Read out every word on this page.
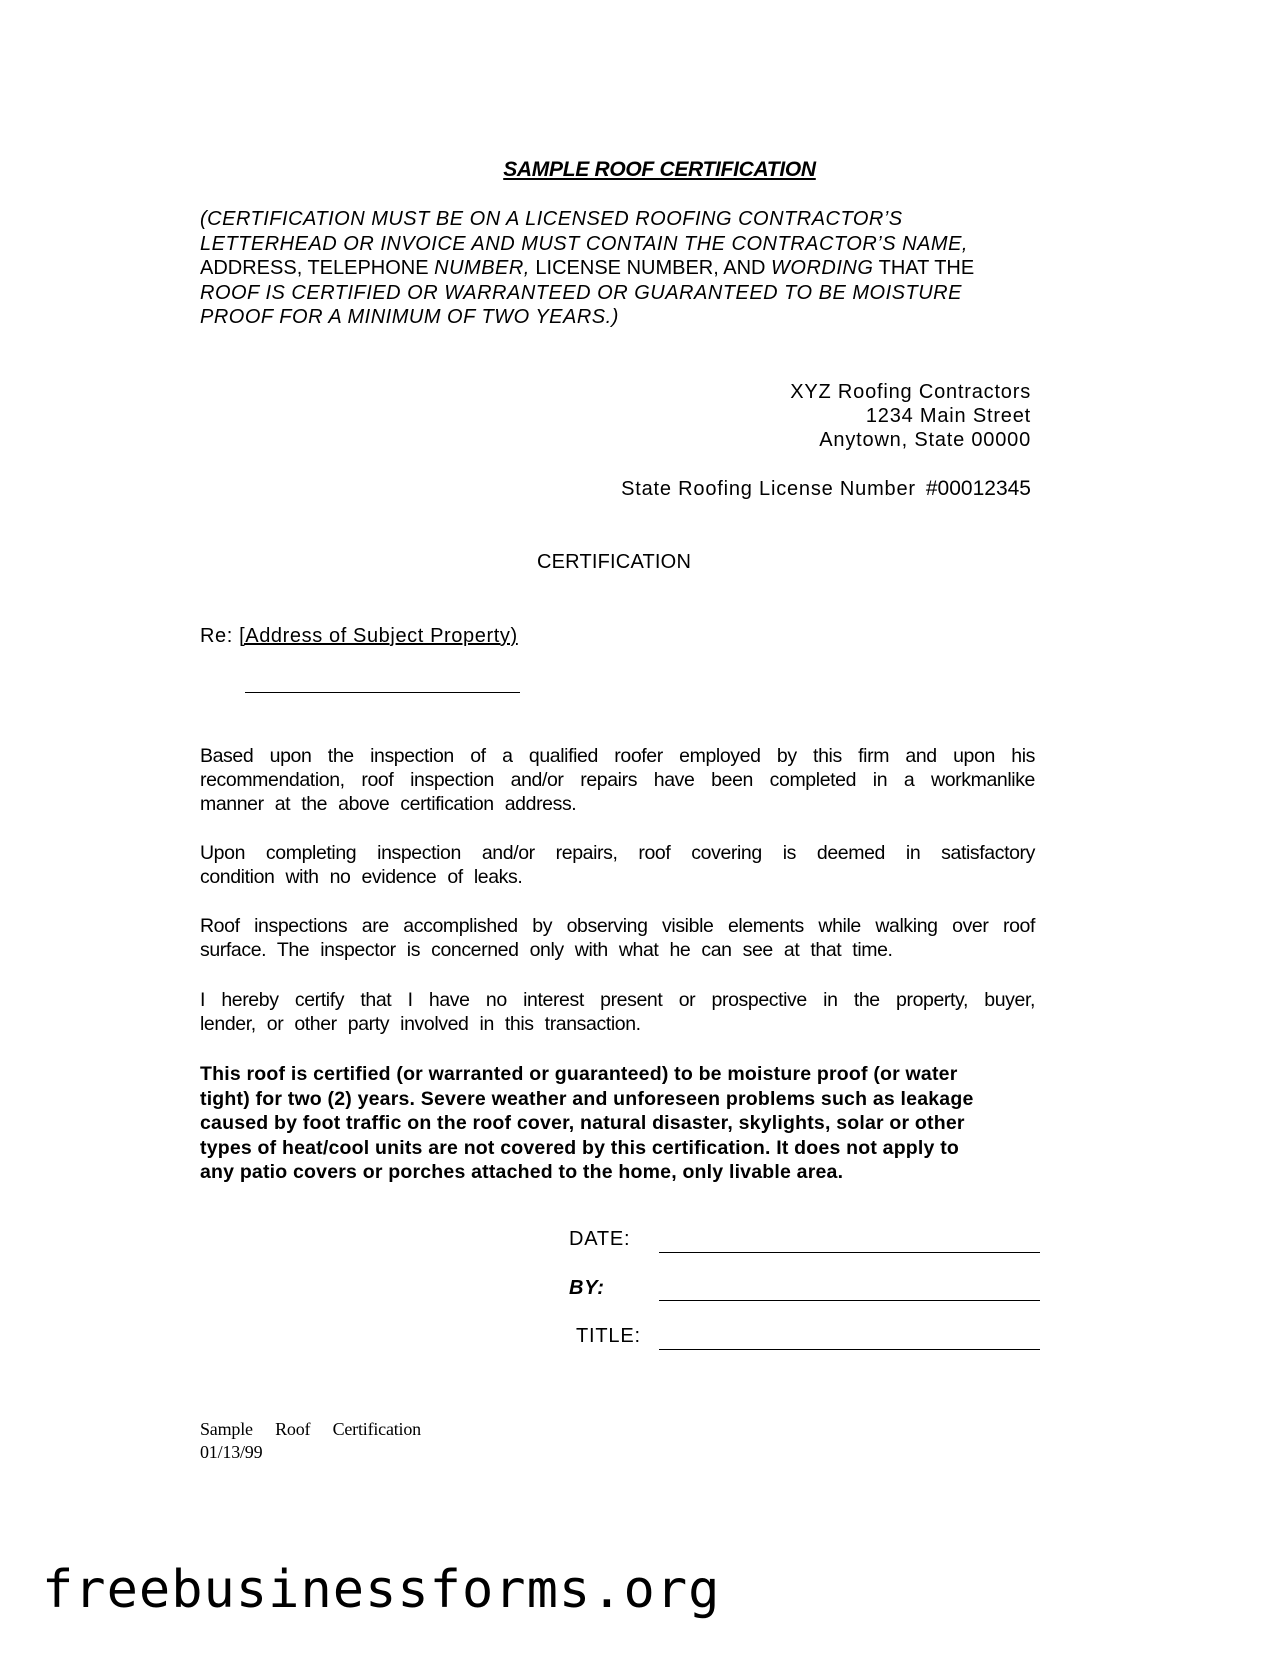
SAMPLE ROOF CERTIFICATION
(CERTIFICATION MUST BE ON A LICENSED ROOFING CONTRACTOR’S
LETTERHEAD OR INVOICE AND MUST CONTAIN THE CONTRACTOR’S NAME,
ADDRESS, TELEPHONE NUMBER, LICENSE NUMBER, AND WORDING THAT THE
ROOF IS CERTIFIED OR WARRANTEED OR GUARANTEED TO BE MOISTURE
PROOF FOR A MINIMUM OF TWO YEARS.)
XYZ Roofing Contractors
1234 Main Street
Anytown, State 00000
State Roofing License Number #00012345
CERTIFICATION
Re: [Address of Subject Property)
Based upon the inspection of a qualified roofer employed by this firm and upon his
recommendation, roof inspection and/or repairs have been completed in a workmanlike
manner at the above certification address.
Upon completing inspection and/or repairs, roof covering is deemed in satisfactory
condition with no evidence of leaks.
Roof inspections are accomplished by observing visible elements while walking over roof
surface. The inspector is concerned only with what he can see at that time.
I hereby certify that I have no interest present or prospective in the property, buyer,
lender, or other party involved in this transaction.
This roof is certified (or warranted or guaranteed) to be moisture proof (or water
tight) for two (2) years. Severe weather and unforeseen problems such as leakage
caused by foot traffic on the roof cover, natural disaster, skylights, solar or other
types of heat/cool units are not covered by this certification. It does not apply to
any patio covers or porches attached to the home, only livable area.
DATE:
BY:
TITLE:
Sample Roof Certification
01/13/99
freebusinessforms.org
